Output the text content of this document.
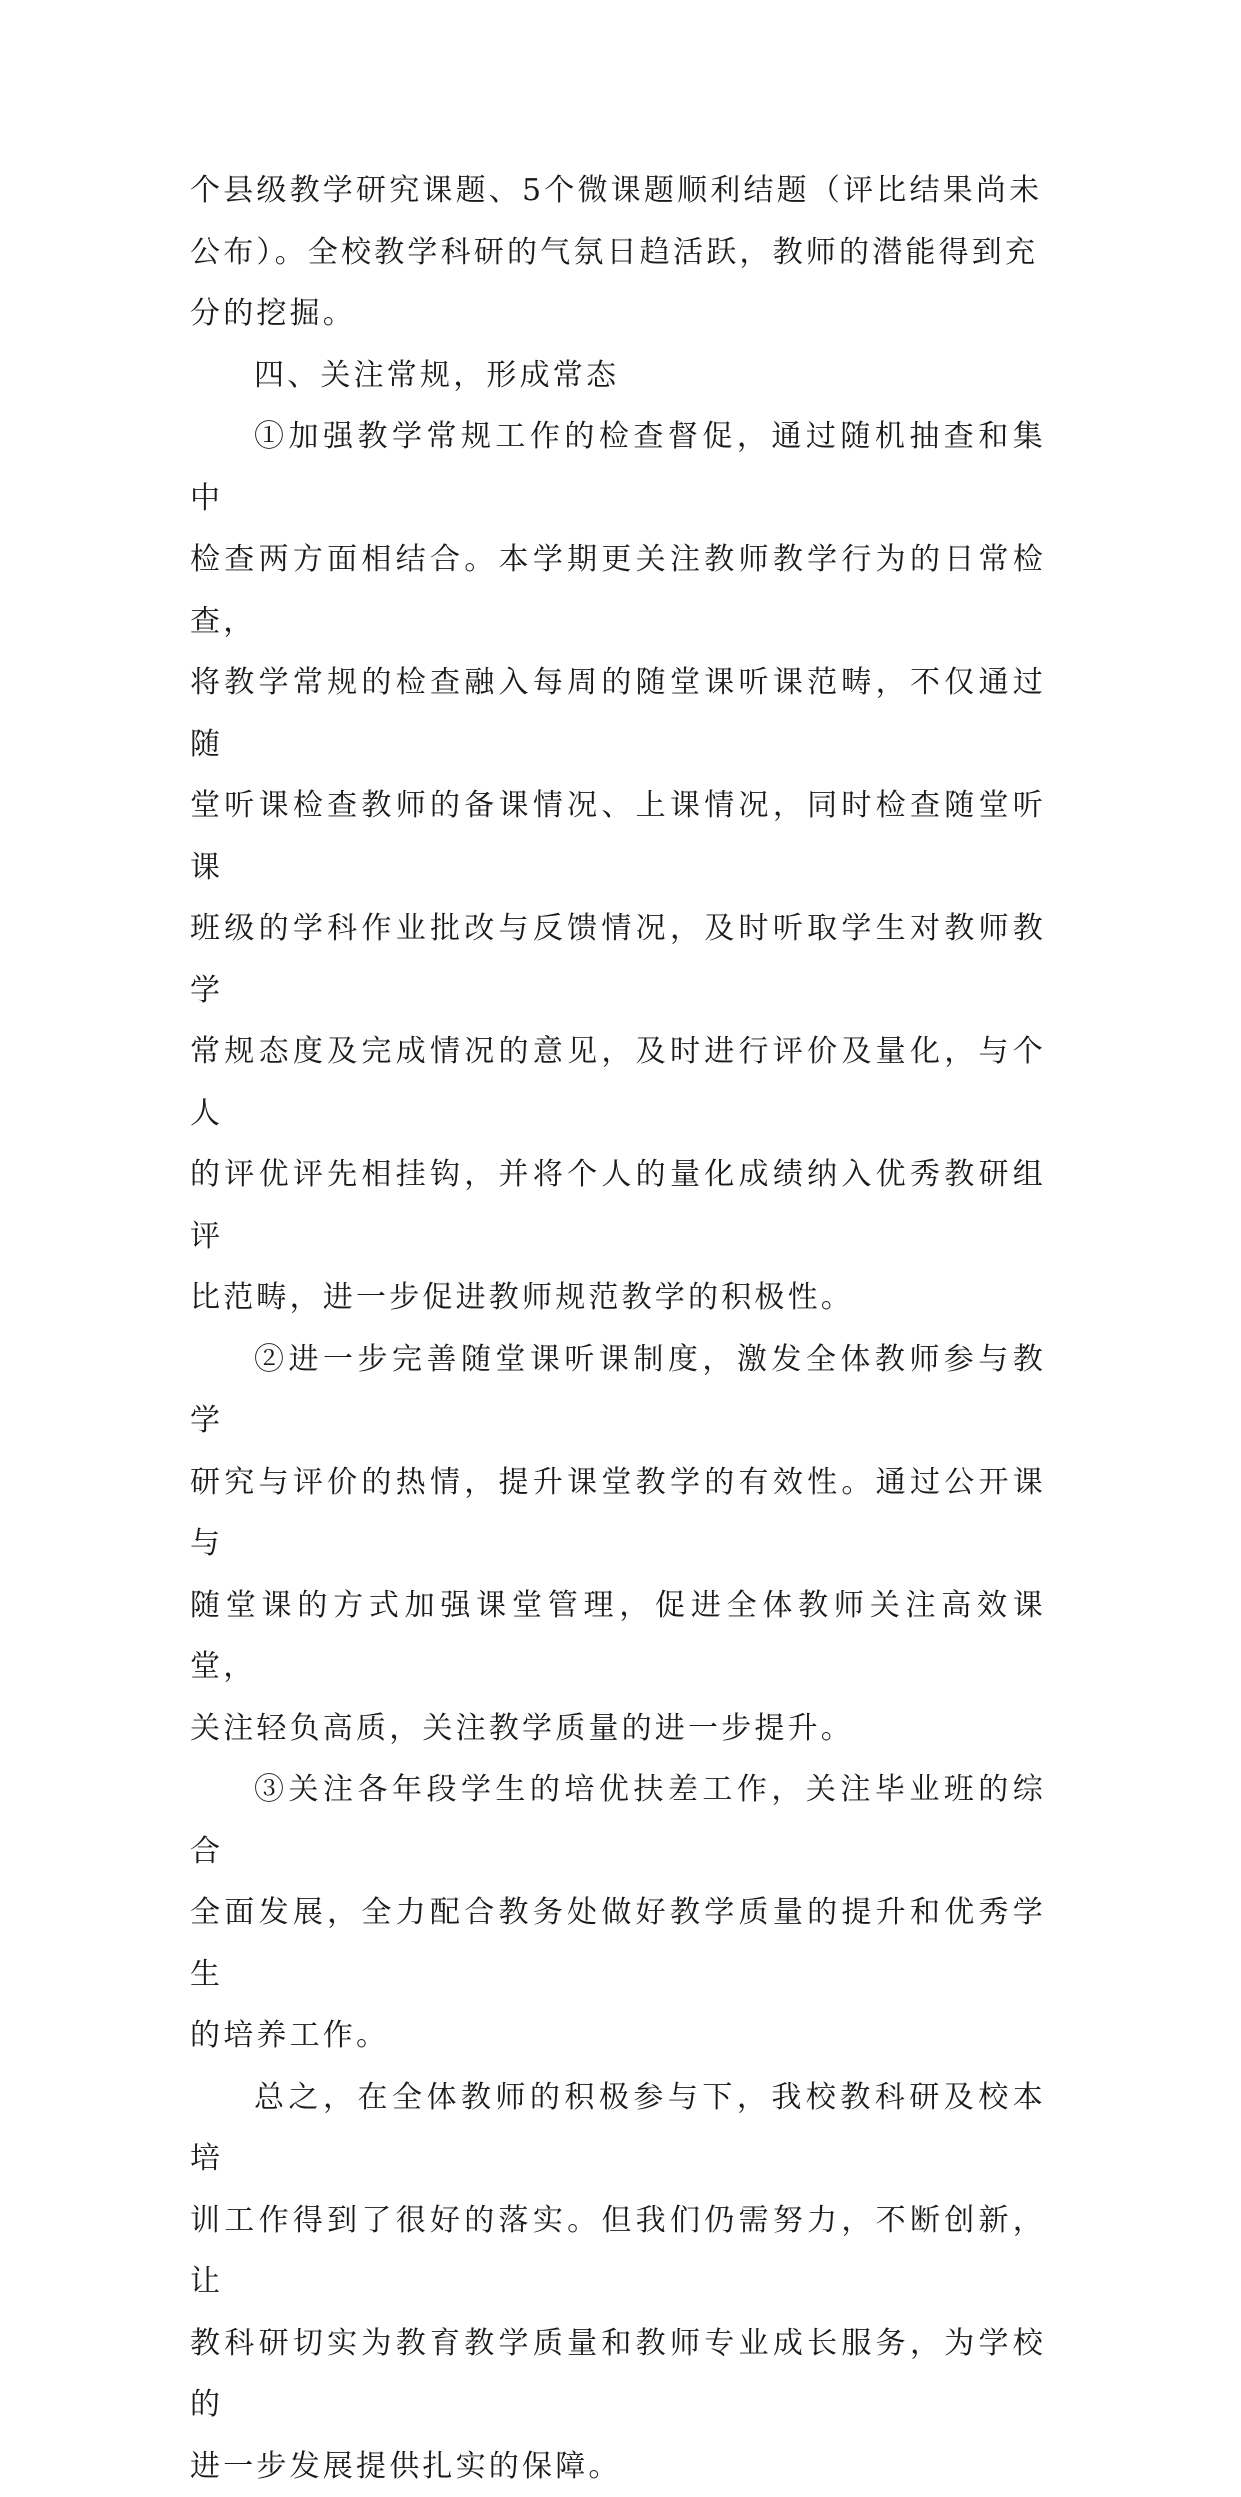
个县级教学研究课题、5个微课题顺利结题（评比结果尚未
公布）。全校教学科研的气氛日趋活跃，教师的潜能得到充
分的挖掘。

四、关注常规，形成常态

①加强教学常规工作的检查督促，通过随机抽查和集中
检查两方面相结合。本学期更关注教师教学行为的日常检查，
将教学常规的检查融入每周的随堂课听课范畴，不仅通过随
堂听课检查教师的备课情况、上课情况，同时检查随堂听课
班级的学科作业批改与反馈情况，及时听取学生对教师教学
常规态度及完成情况的意见，及时进行评价及量化，与个人
的评优评先相挂钩，并将个人的量化成绩纳入优秀教研组评
比范畴，进一步促进教师规范教学的积极性。

②进一步完善随堂课听课制度，激发全体教师参与教学
研究与评价的热情，提升课堂教学的有效性。通过公开课与
随堂课的方式加强课堂管理，促进全体教师关注高效课堂，
关注轻负高质，关注教学质量的进一步提升。

③关注各年段学生的培优扶差工作，关注毕业班的综合
全面发展，全力配合教务处做好教学质量的提升和优秀学生
的培养工作。

总之，在全体教师的积极参与下，我校教科研及校本培
训工作得到了很好的落实。但我们仍需努力，不断创新，让
教科研切实为教育教学质量和教师专业成长服务，为学校的
进一步发展提供扎实的保障。
